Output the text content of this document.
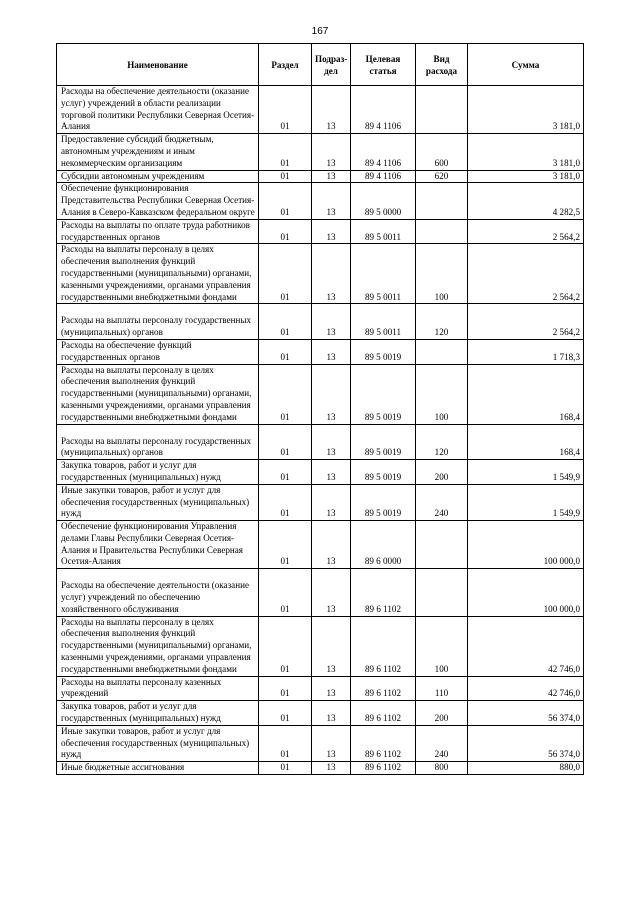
167
Наименование	Раздел	Подраз-дел	Целевая статья	Вид расхода	Сумма
Расходы на обеспечение деятельности (оказание услуг) учреждений в области реализации торговой политики Республики Северная Осетия-Алания	01	13	89 4 1106		3 181,0
Предоставление субсидий бюджетным, автономным учреждениям и иным некоммерческим организациям	01	13	89 4 1106	600	3 181,0
Субсидии автономным учреждениям	01	13	89 4 1106	620	3 181,0
Обеспечение функционирования Представительства Республики Северная Осетия-Алания в Северо-Кавказском федеральном округе	01	13	89 5 0000		4 282,5
Расходы на выплаты по оплате труда работников государственных органов	01	13	89 5 0011		2 564,2
Расходы на выплаты персоналу в целях обеспечения выполнения функций государственными (муниципальными) органами, казенными учреждениями, органами управления государственными внебюджетными фондами	01	13	89 5 0011	100	2 564,2

Расходы на выплаты персоналу государственных (муниципальных) органов	01	13	89 5 0011	120	2 564,2
Расходы на обеспечение функций государственных органов	01	13	89 5 0019		1 718,3
Расходы на выплаты персоналу в целях обеспечения выполнения функций государственными (муниципальными) органами, казенными учреждениями, органами управления государственными внебюджетными фондами	01	13	89 5 0019	100	168,4

Расходы на выплаты персоналу государственных (муниципальных) органов	01	13	89 5 0019	120	168,4
Закупка товаров, работ и услуг для государственных (муниципальных) нужд	01	13	89 5 0019	200	1 549,9
Иные закупки товаров, работ и услуг для обеспечения государственных (муниципальных) нужд	01	13	89 5 0019	240	1 549,9
Обеспечение функционирования Управления делами Главы Республики Северная Осетия-Алания и Правительства Республики Северная Осетия-Алания	01	13	89 6 0000		100 000,0

Расходы на обеспечение деятельности (оказание услуг) учреждений по обеспечению хозяйственного обслуживания	01	13	89 6 1102		100 000,0
Расходы на выплаты персоналу в целях обеспечения выполнения функций государственными (муниципальными) органами, казенными учреждениями, органами управления государственными внебюджетными фондами	01	13	89 6 1102	100	42 746,0
Расходы на выплаты персоналу казенных учреждений	01	13	89 6 1102	110	42 746,0
Закупка товаров, работ и услуг для государственных (муниципальных) нужд	01	13	89 6 1102	200	56 374,0
Иные закупки товаров, работ и услуг для обеспечения государственных (муниципальных) нужд	01	13	89 6 1102	240	56 374,0
Иные бюджетные ассигнования	01	13	89 6 1102	800	880,0
